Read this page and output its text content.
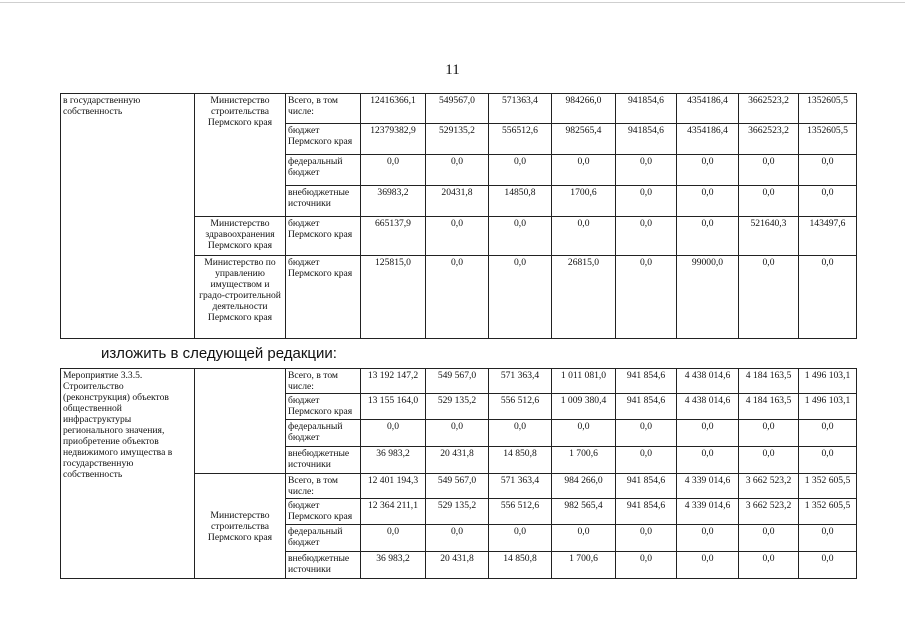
11
в государственную собственность	Министерство строительства Пермского края	Всего, в том числе:	12416366,1	549567,0	571363,4	984266,0	941854,6	4354186,4	3662523,2	1352605,5
		бюджет Пермского края	12379382,9	529135,2	556512,6	982565,4	941854,6	4354186,4	3662523,2	1352605,5
		федеральный бюджет	0,0	0,0	0,0	0,0	0,0	0,0	0,0	0,0
		внебюджетные источники	36983,2	20431,8	14850,8	1700,6	0,0	0,0	0,0	0,0
	Министерство здравоохранения Пермского края	бюджет Пермского края	665137,9	0,0	0,0	0,0	0,0	0,0	521640,3	143497,6
	Министерство по управлению имуществом и градо-строительной деятельности Пермского края	бюджет Пермского края	125815,0	0,0	0,0	26815,0	0,0	99000,0	0,0	0,0
изложить в следующей редакции:
Мероприятие 3.3.5. Строительство (реконструкция) объектов общественной инфраструктуры регионального значения, приобретение объектов недвижимого имущества в государственную собственность		Всего, в том числе:	13 192 147,2	549 567,0	571 363,4	1 011 081,0	941 854,6	4 438 014,6	4 184 163,5	1 496 103,1
		бюджет Пермского края	13 155 164,0	529 135,2	556 512,6	1 009 380,4	941 854,6	4 438 014,6	4 184 163,5	1 496 103,1
		федеральный бюджет	0,0	0,0	0,0	0,0	0,0	0,0	0,0	0,0
		внебюджетные источники	36 983,2	20 431,8	14 850,8	1 700,6	0,0	0,0	0,0	0,0
	Министерство строительства Пермского края	Всего, в том числе:	12 401 194,3	549 567,0	571 363,4	984 266,0	941 854,6	4 339 014,6	3 662 523,2	1 352 605,5
		бюджет Пермского края	12 364 211,1	529 135,2	556 512,6	982 565,4	941 854,6	4 339 014,6	3 662 523,2	1 352 605,5
		федеральный бюджет	0,0	0,0	0,0	0,0	0,0	0,0	0,0	0,0
		внебюджетные источники	36 983,2	20 431,8	14 850,8	1 700,6	0,0	0,0	0,0	0,0
